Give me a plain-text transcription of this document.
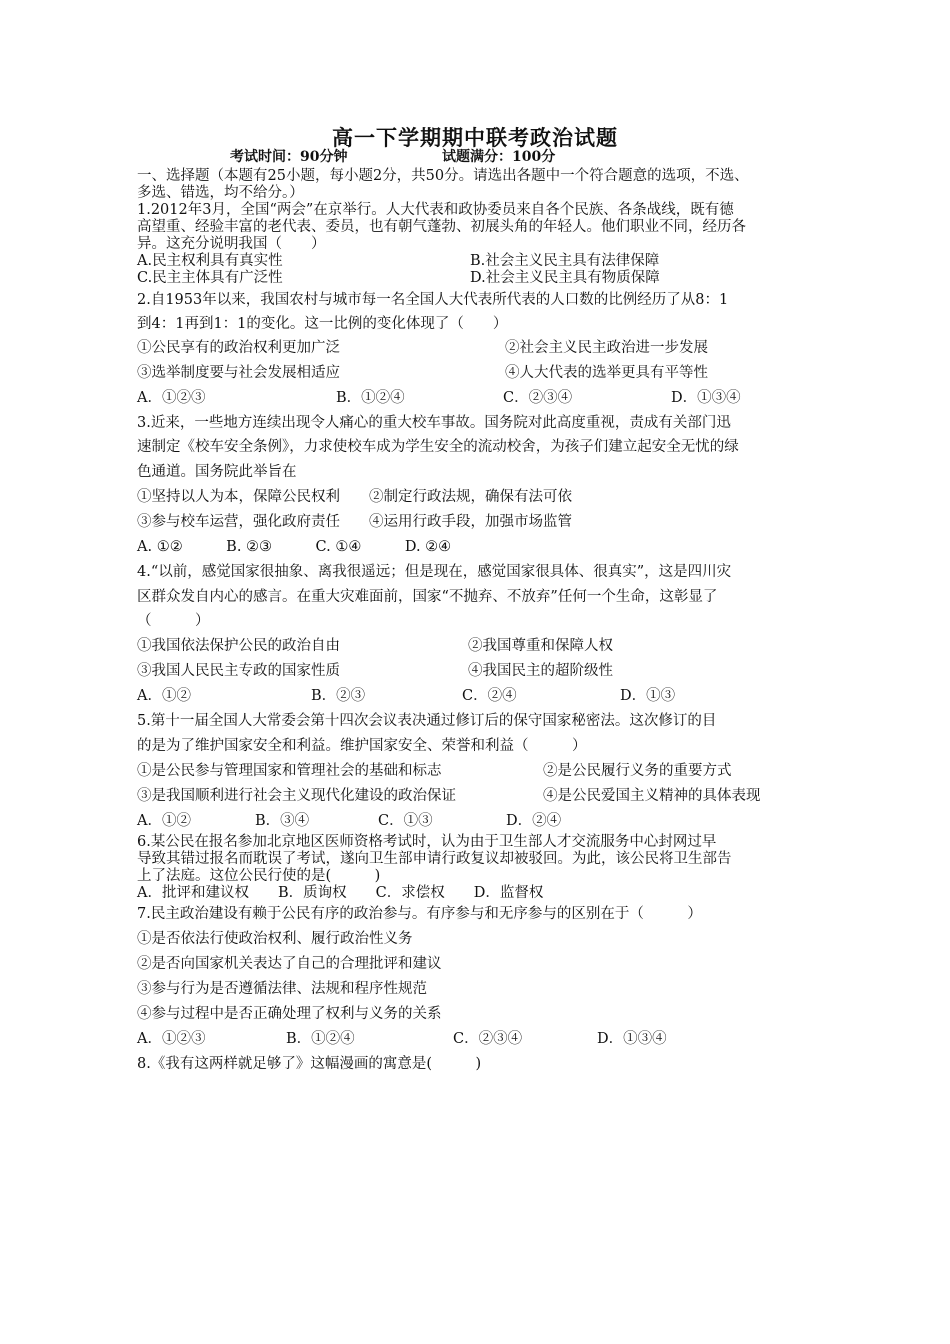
高一下学期期中联考政治试题
考试时间：90分钟	试题满分：100分
一、选择题（本题有25小题，每小题2分，共50分。请选出各题中一个符合题意的选项，不选、
多选、错选，均不给分。）
1.2012年3月，全国“两会”在京举行。人大代表和政协委员来自各个民族、各条战线，既有德
高望重、经验丰富的老代表、委员，也有朝气蓬勃、初展头角的年轻人。他们职业不同，经历各
异。这充分说明我国（　　）
A.民主权利具有真实性	B.社会主义民主具有法律保障
C.民主主体具有广泛性	D.社会主义民主具有物质保障
2.自1953年以来，我国农村与城市每一名全国人大代表所代表的人口数的比例经历了从8：1
到4：1再到1：1的变化。这一比例的变化体现了（　　）
①公民享有的政治权利更加广泛	②社会主义民主政治进一步发展
③选举制度要与社会发展相适应	④人大代表的选举更具有平等性
A．①②③	B．①②④	C．②③④	D．①③④
3.近来，一些地方连续出现令人痛心的重大校车事故。国务院对此高度重视，责成有关部门迅
速制定《校车安全条例》，力求使校车成为学生安全的流动校舍，为孩子们建立起安全无忧的绿
色通道。国务院此举旨在
①坚持以人为本，保障公民权利　　②制定行政法规，确保有法可依
③参与校车运营，强化政府责任　　④运用行政手段，加强市场监管
A. ①②　　　B. ②③　　　C. ①④　　　D. ②④
4.“以前，感觉国家很抽象、离我很遥远；但是现在，感觉国家很具体、很真实”，这是四川灾
区群众发自内心的感言。在重大灾难面前，国家“不抛弃、不放弃”任何一个生命，这彰显了
（　　　）
①我国依法保护公民的政治自由	②我国尊重和保障人权
③我国人民民主专政的国家性质	④我国民主的超阶级性
A．①②	B．②③	C．②④	D．①③
5.第十一届全国人大常委会第十四次会议表决通过修订后的保守国家秘密法。这次修订的目
的是为了维护国家安全和利益。维护国家安全、荣誉和利益（　　　）
①是公民参与管理国家和管理社会的基础和标志	②是公民履行义务的重要方式
③是我国顺利进行社会主义现代化建设的政治保证	④是公民爱国主义精神的具体表现
A．①②	B．③④	C．①③	D．②④
6.某公民在报名参加北京地区医师资格考试时，认为由于卫生部人才交流服务中心封网过早
导致其错过报名而耽误了考试，遂向卫生部申请行政复议却被驳回。为此，该公民将卫生部告
上了法庭。这位公民行使的是(　　　)
A．批评和建议权　　B．质询权　　C．求偿权　　D．监督权
7.民主政治建设有赖于公民有序的政治参与。有序参与和无序参与的区别在于（　　　）
①是否依法行使政治权利、履行政治性义务
②是否向国家机关表达了自己的合理批评和建议
③参与行为是否遵循法律、法规和程序性规范
④参与过程中是否正确处理了权利与义务的关系
A．①②③	B．①②④	C．②③④	D．①③④
8.《我有这两样就足够了》这幅漫画的寓意是(　　　)
